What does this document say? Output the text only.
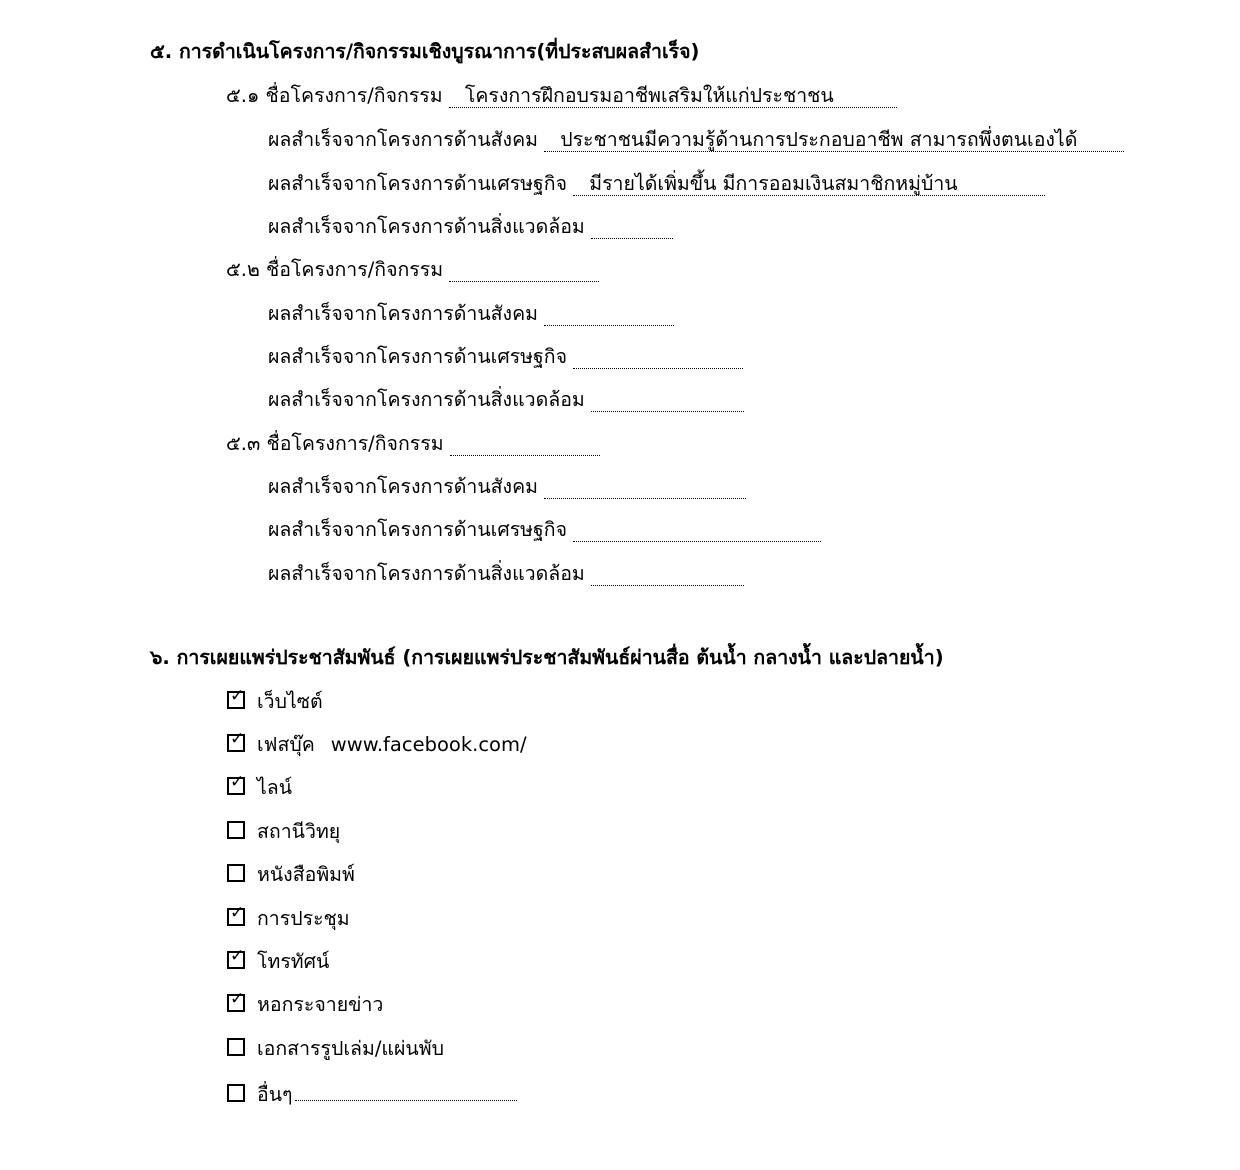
๕. การดำเนินโครงการ/กิจกรรมเชิงบูรณาการ(ที่ประสบผลสำเร็จ)
๕.๑ ชื่อโครงการ/กิจกรรม โครงการฝึกอบรมอาชีพเสริมให้แก่ประชาชน
ผลสำเร็จจากโครงการด้านสังคม ประชาชนมีความรู้ด้านการประกอบอาชีพ สามารถพึ่งตนเองได้
ผลสำเร็จจากโครงการด้านเศรษฐกิจ มีรายได้เพิ่มขึ้น มีการออมเงินสมาชิกหมู่บ้าน
ผลสำเร็จจากโครงการด้านสิ่งแวดล้อม
๕.๒ ชื่อโครงการ/กิจกรรม
ผลสำเร็จจากโครงการด้านสังคม
ผลสำเร็จจากโครงการด้านเศรษฐกิจ
ผลสำเร็จจากโครงการด้านสิ่งแวดล้อม
๕.๓ ชื่อโครงการ/กิจกรรม
ผลสำเร็จจากโครงการด้านสังคม
ผลสำเร็จจากโครงการด้านเศรษฐกิจ
ผลสำเร็จจากโครงการด้านสิ่งแวดล้อม
๖. การเผยแพร่ประชาสัมพันธ์ (การเผยแพร่ประชาสัมพันธ์ผ่านสื่อ ต้นน้ำ กลางน้ำ และปลายน้ำ)
✓ เว็บไซต์
✓ เฟสบุ๊ค www.facebook.com/
✓ ไลน์
สถานีวิทยุ
หนังสือพิมพ์
✓ การประชุม
✓ โทรทัศน์
✓ หอกระจายข่าว
เอกสารรูปเล่ม/แผ่นพับ
อื่นๆ
